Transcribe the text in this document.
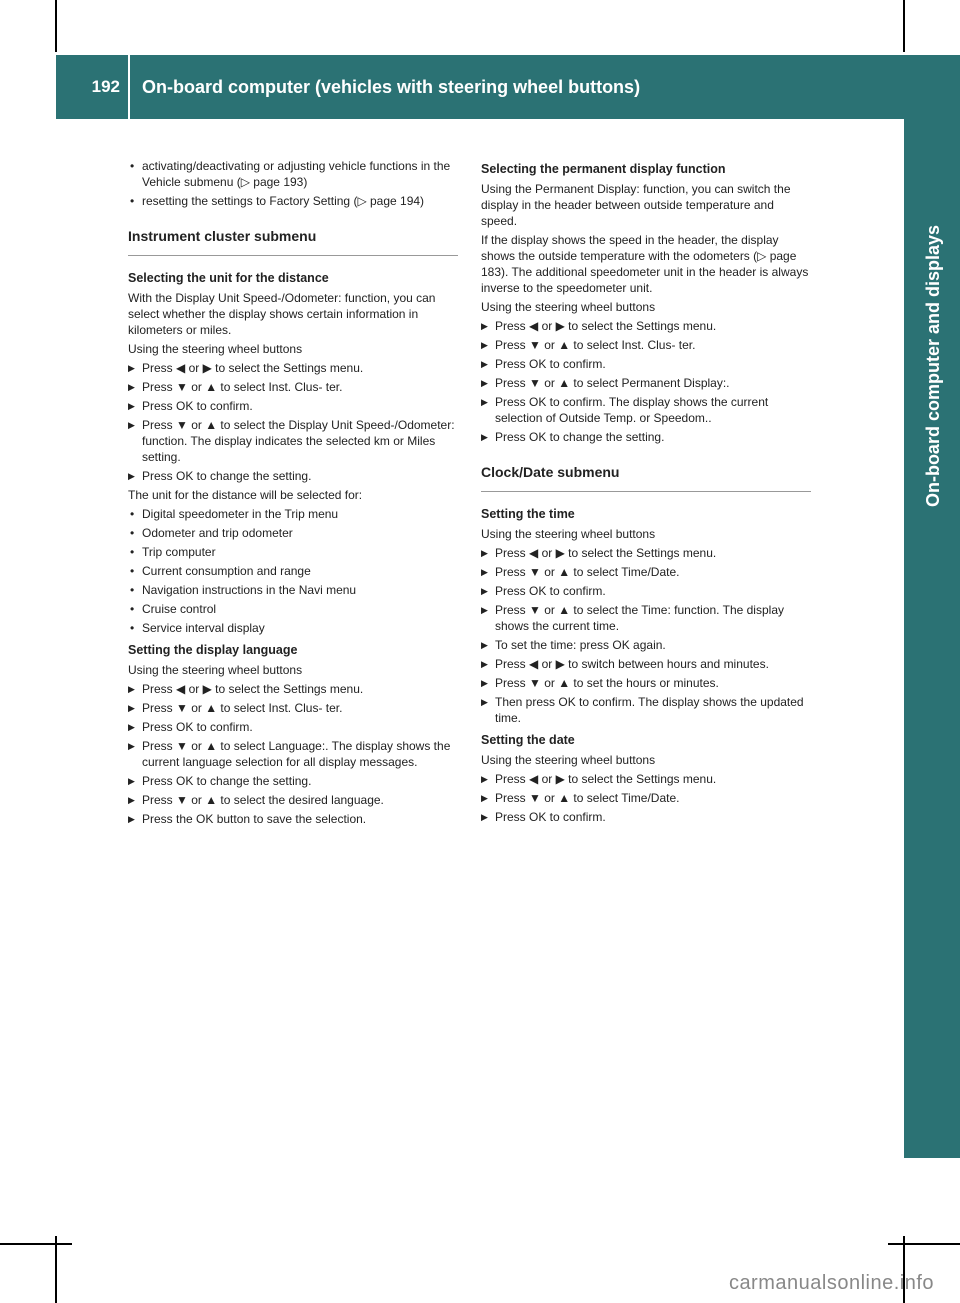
192	On-board computer (vehicles with steering wheel buttons)
On-board computer and displays
• activating/deactivating or adjusting vehicle functions in the Vehicle submenu (▷ page 193)
• resetting the settings to Factory Setting (▷ page 194)
Instrument cluster submenu
Selecting the unit for the distance
With the Display Unit Speed-/Odometer: function, you can select whether the display shows certain information in kilometers or miles.
Using the steering wheel buttons
▶ Press ◀ or ▶ to select the Settings menu.
▶ Press ▼ or ▲ to select Inst. Clus- ter.
▶ Press OK to confirm.
▶ Press ▼ or ▲ to select the Display Unit Speed-/Odometer: function. The display indicates the selected km or Miles setting.
▶ Press OK to change the setting.
The unit for the distance will be selected for:
• Digital speedometer in the Trip menu
• Odometer and trip odometer
• Trip computer
• Current consumption and range
• Navigation instructions in the Navi menu
• Cruise control
• Service interval display
Setting the display language
Using the steering wheel buttons
▶ Press ◀ or ▶ to select the Settings menu.
▶ Press ▼ or ▲ to select Inst. Clus- ter.
▶ Press OK to confirm.
▶ Press ▼ or ▲ to select Language:. The display shows the current language selection for all display messages.
▶ Press OK to change the setting.
▶ Press ▼ or ▲ to select the desired language.
▶ Press the OK button to save the selection.
Selecting the permanent display function
Using the Permanent Display: function, you can switch the display in the header between outside temperature and speed.
If the display shows the speed in the header, the display shows the outside temperature with the odometers (▷ page 183). The additional speedometer unit in the header is always inverse to the speedometer unit.
Using the steering wheel buttons
▶ Press ◀ or ▶ to select the Settings menu.
▶ Press ▼ or ▲ to select Inst. Clus- ter.
▶ Press OK to confirm.
▶ Press ▼ or ▲ to select Permanent Display:.
▶ Press OK to confirm. The display shows the current selection of Outside Temp. or Speedom..
▶ Press OK to change the setting.
Clock/Date submenu
Setting the time
Using the steering wheel buttons
▶ Press ◀ or ▶ to select the Settings menu.
▶ Press ▼ or ▲ to select Time/Date.
▶ Press OK to confirm.
▶ Press ▼ or ▲ to select the Time: function. The display shows the current time.
▶ To set the time: press OK again.
▶ Press ◀ or ▶ to switch between hours and minutes.
▶ Press ▼ or ▲ to set the hours or minutes.
▶ Then press OK to confirm. The display shows the updated time.
Setting the date
Using the steering wheel buttons
▶ Press ◀ or ▶ to select the Settings menu.
▶ Press ▼ or ▲ to select Time/Date.
▶ Press OK to confirm.
carmanualsonline.info
